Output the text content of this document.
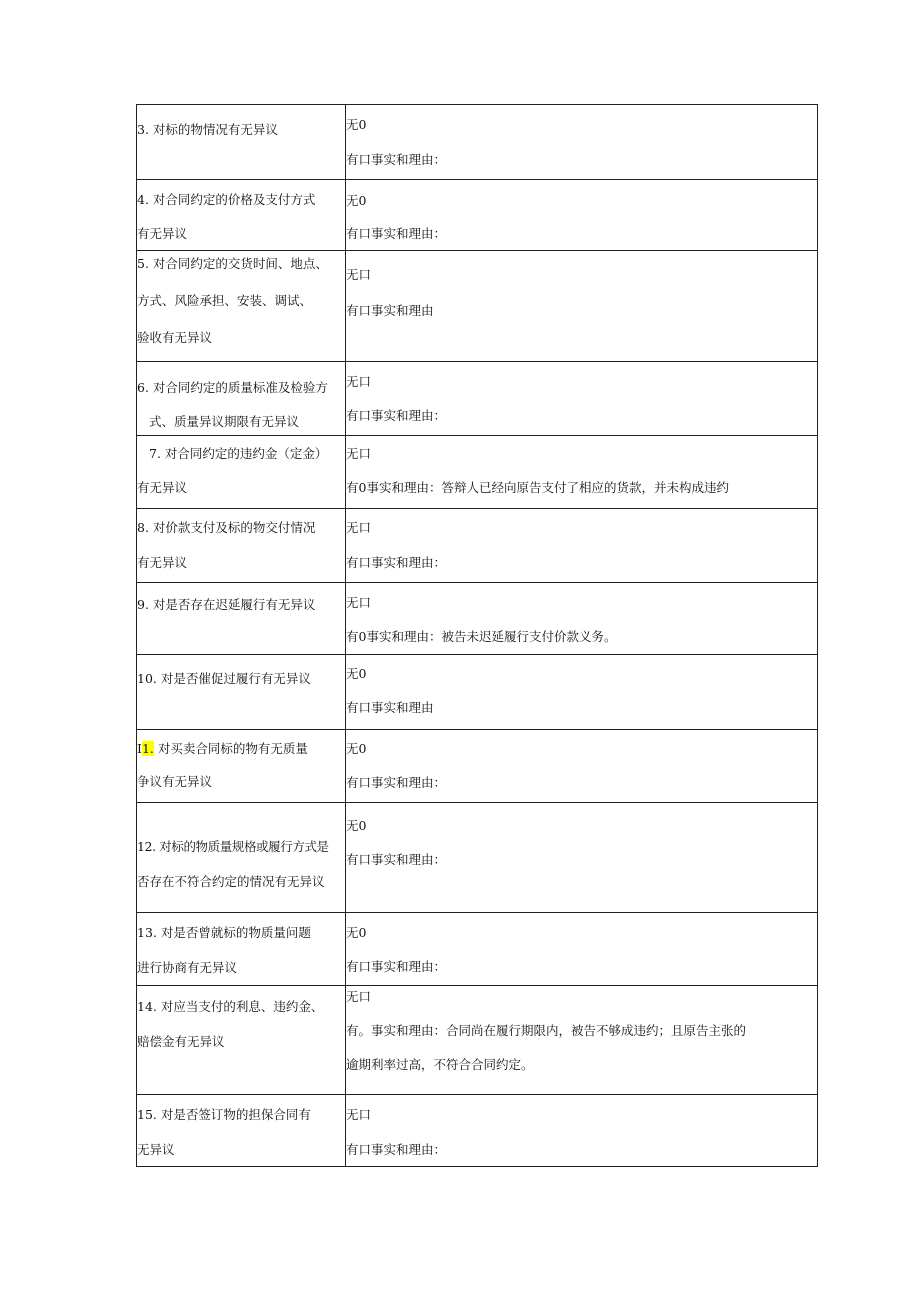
3. 对标的物情况有无异议	无0
有口事实和理由：

4. 对合同约定的价格及支付方式
有无异议	无0
有口事实和理由：

5. 对合同约定的交货时间、地点、
方式、风险承担、安装、调试、
验收有无异议	无口
有口事实和理由

6. 对合同约定的质量标准及检验方
式、质量异议期限有无异议	无口
有口事实和理由：

7. 对合同约定的违约金（定金）
有无异议	无口
有0事实和理由：答辩人已经向原告支付了相应的货款，并未构成违约

8. 对价款支付及标的物交付情况
有无异议	无口
有口事实和理由：

9. 对是否存在迟延履行有无异议	无口
有0事实和理由：被告未迟延履行支付价款义务。

10. 对是否催促过履行有无异议	无0
有口事实和理由

I1. 对买卖合同标的物有无质量
争议有无异议	无0
有口事实和理由：

12. 对标的物质量规格或履行方式是
否存在不符合约定的情况有无异议	无0
有口事实和理由：

13. 对是否曾就标的物质量问题
进行协商有无异议	无0
有口事实和理由：

14. 对应当支付的利息、违约金、
赔偿金有无异议	无口
有。事实和理由：合同尚在履行期限内，被告不够成违约；且原告主张的
逾期利率过高，不符合合同约定。

15. 对是否签订物的担保合同有
无异议	无口
有口事实和理由：
